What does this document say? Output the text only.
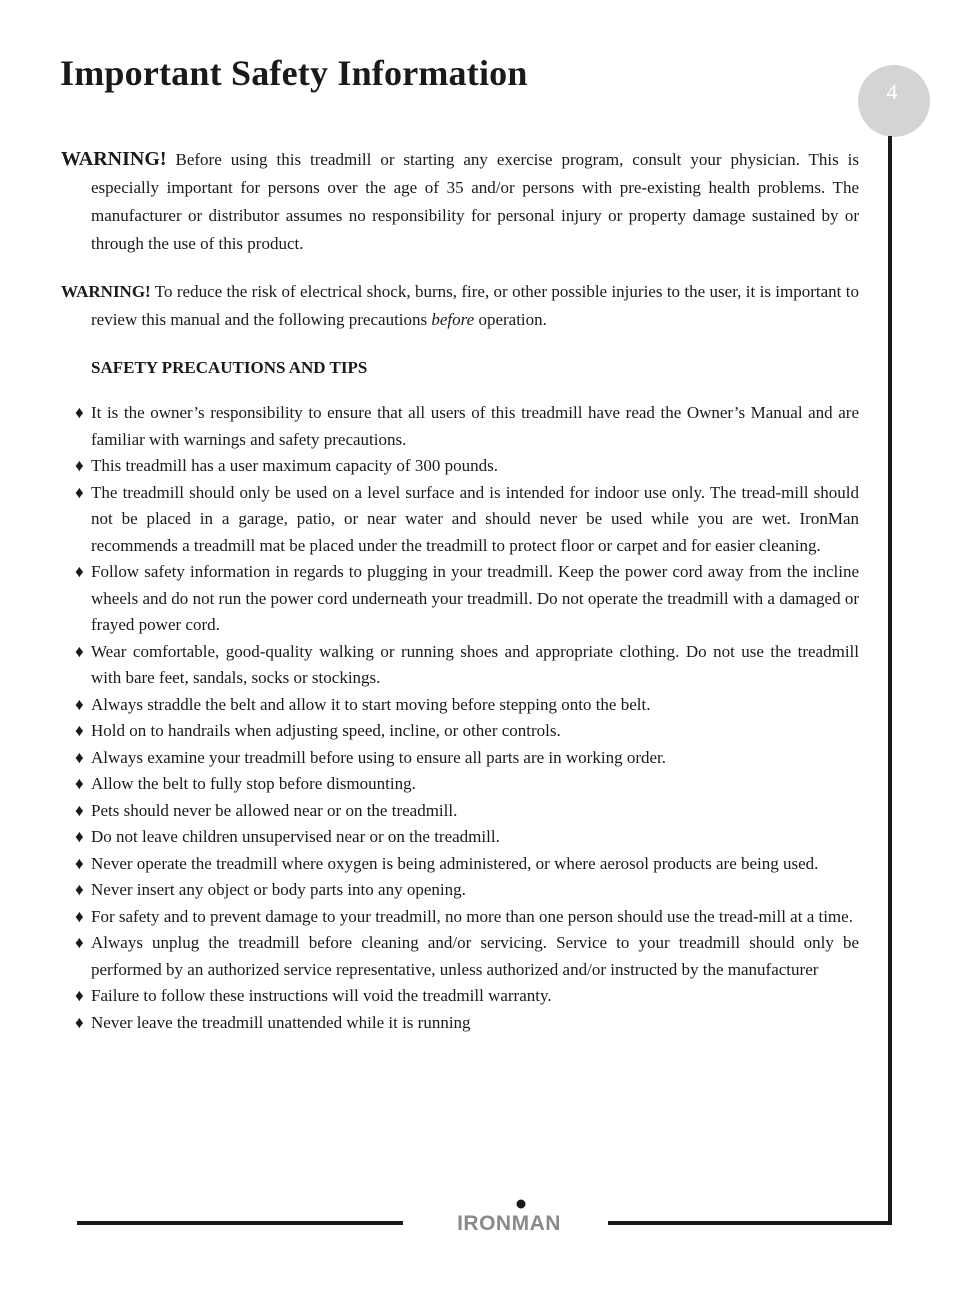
Important Safety Information	4

WARNING! Before using this treadmill or starting any exercise program, consult your physician. This is especially important for persons over the age of 35 and/or persons with pre-existing health problems. The manufacturer or distributor assumes no responsibility for personal injury or property damage sustained by or through the use of this product.

WARNING! To reduce the risk of electrical shock, burns, fire, or other possible injuries to the user, it is important to review this manual and the following precautions before operation.

SAFETY PRECAUTIONS AND TIPS
♦ It is the owner’s responsibility to ensure that all users of this treadmill have read the Owner’s Manual and are familiar with warnings and safety precautions.
♦ This treadmill has a user maximum capacity of 300 pounds.
♦ The treadmill should only be used on a level surface and is intended for indoor use only. The tread-mill should not be placed in a garage, patio, or near water and should never be used while you are wet. IronMan recommends a treadmill mat be placed under the treadmill to protect floor or carpet and for easier cleaning.
♦ Follow safety information in regards to plugging in your treadmill. Keep the power cord away from the incline wheels and do not run the power cord underneath your treadmill. Do not operate the treadmill with a damaged or frayed power cord.
♦ Wear comfortable, good-quality walking or running shoes and appropriate clothing. Do not use the treadmill with bare feet, sandals, socks or stockings.
♦ Always straddle the belt and allow it to start moving before stepping onto the belt.
♦ Hold on to handrails when adjusting speed, incline, or other controls.
♦ Always examine your treadmill before using to ensure all parts are in working order.
♦ Allow the belt to fully stop before dismounting.
♦ Pets should never be allowed near or on the treadmill.
♦ Do not leave children unsupervised near or on the treadmill.
♦ Never operate the treadmill where oxygen is being administered, or where aerosol products are being used.
♦ Never insert any object or body parts into any opening.
♦ For safety and to prevent damage to your treadmill, no more than one person should use the tread-mill at a time.
♦ Always unplug the treadmill before cleaning and/or servicing. Service to your treadmill should only be performed by an authorized service representative, unless authorized and/or instructed by the manufacturer
♦ Failure to follow these instructions will void the treadmill warranty.
♦ Never leave the treadmill unattended while it is running
IRONMAN
